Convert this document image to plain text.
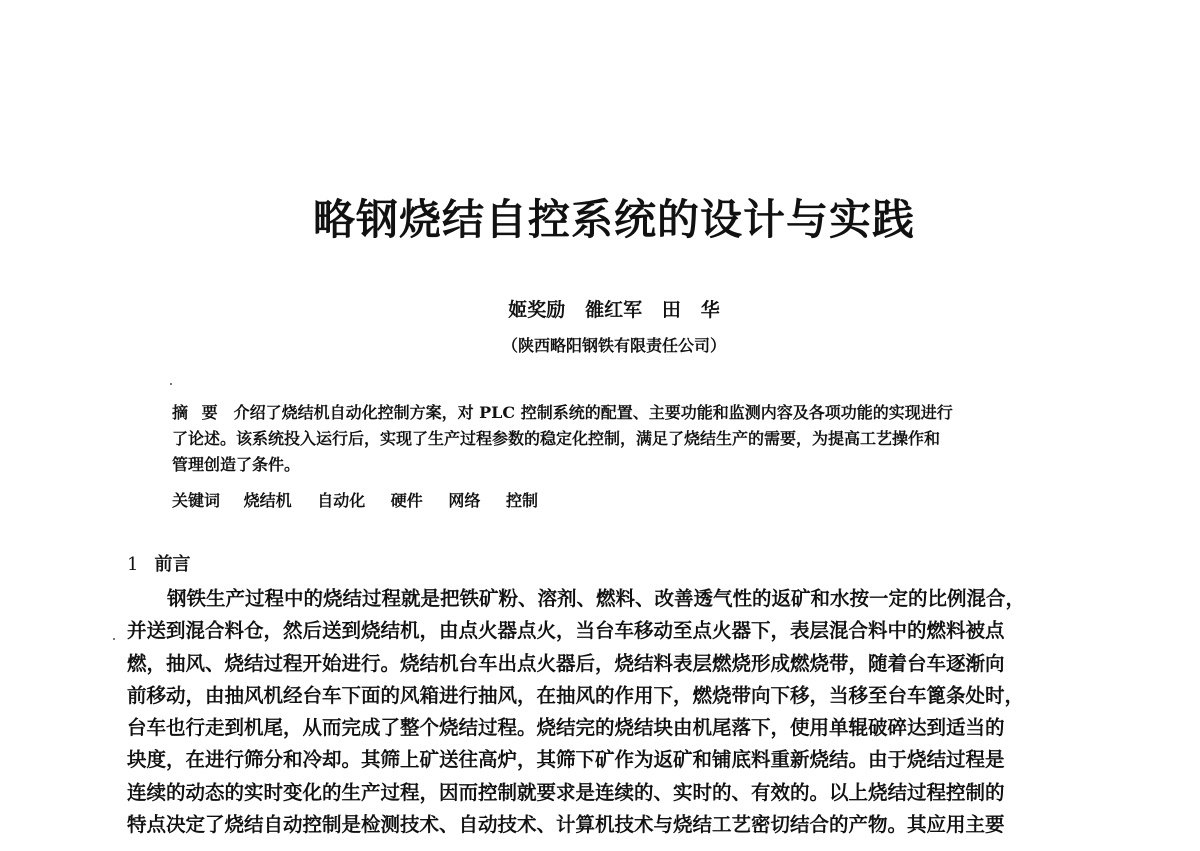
略钢烧结自控系统的设计与实践
姬奖励   雒红军   田   华
（陕西略阳钢铁有限责任公司）
摘 要 介绍了烧结机自动化控制方案，对 PLC 控制系统的配置、主要功能和监测内容及各项功能的实现进行
了论述。该系统投入运行后，实现了生产过程参数的稳定化控制，满足了烧结生产的需要，为提高工艺操作和
管理创造了条件。
关键词 烧结机 自动化 硬件 网络 控制
1 前言
钢铁生产过程中的烧结过程就是把铁矿粉、溶剂、燃料、改善透气性的返矿和水按一定的比例混合，
并送到混合料仓，然后送到烧结机，由点火器点火，当台车移动至点火器下，表层混合料中的燃料被点
燃，抽风、烧结过程开始进行。烧结机台车出点火器后，烧结料表层燃烧形成燃烧带，随着台车逐渐向
前移动，由抽风机经台车下面的风箱进行抽风，在抽风的作用下，燃烧带向下移，当移至台车篦条处时，
台车也行走到机尾，从而完成了整个烧结过程。烧结完的烧结块由机尾落下，使用单辊破碎达到适当的
块度，在进行筛分和冷却。其筛上矿送往高炉，其筛下矿作为返矿和铺底料重新烧结。由于烧结过程是
连续的动态的实时变化的生产过程，因而控制就要求是连续的、实时的、有效的。以上烧结过程控制的
特点决定了烧结自动控制是检测技术、自动技术、计算机技术与烧结工艺密切结合的产物。其应用主要
